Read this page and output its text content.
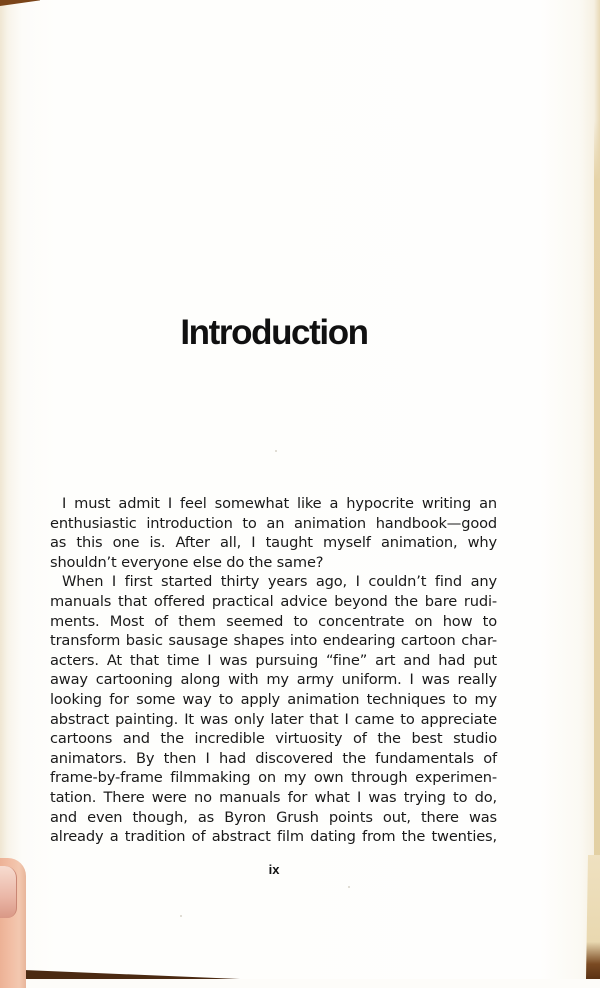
Introduction
I must admit I feel somewhat like a hypocrite writing an
enthusiastic introduction to an animation handbook—good
as this one is. After all, I taught myself animation, why
shouldn’t everyone else do the same?
When I first started thirty years ago, I couldn’t find any
manuals that offered practical advice beyond the bare rudi-
ments. Most of them seemed to concentrate on how to
transform basic sausage shapes into endearing cartoon char-
acters. At that time I was pursuing “fine” art and had put
away cartooning along with my army uniform. I was really
looking for some way to apply animation techniques to my
abstract painting. It was only later that I came to appreciate
cartoons and the incredible virtuosity of the best studio
animators. By then I had discovered the fundamentals of
frame-by-frame filmmaking on my own through experimen-
tation. There were no manuals for what I was trying to do,
and even though, as Byron Grush points out, there was
already a tradition of abstract film dating from the twenties,
ix
